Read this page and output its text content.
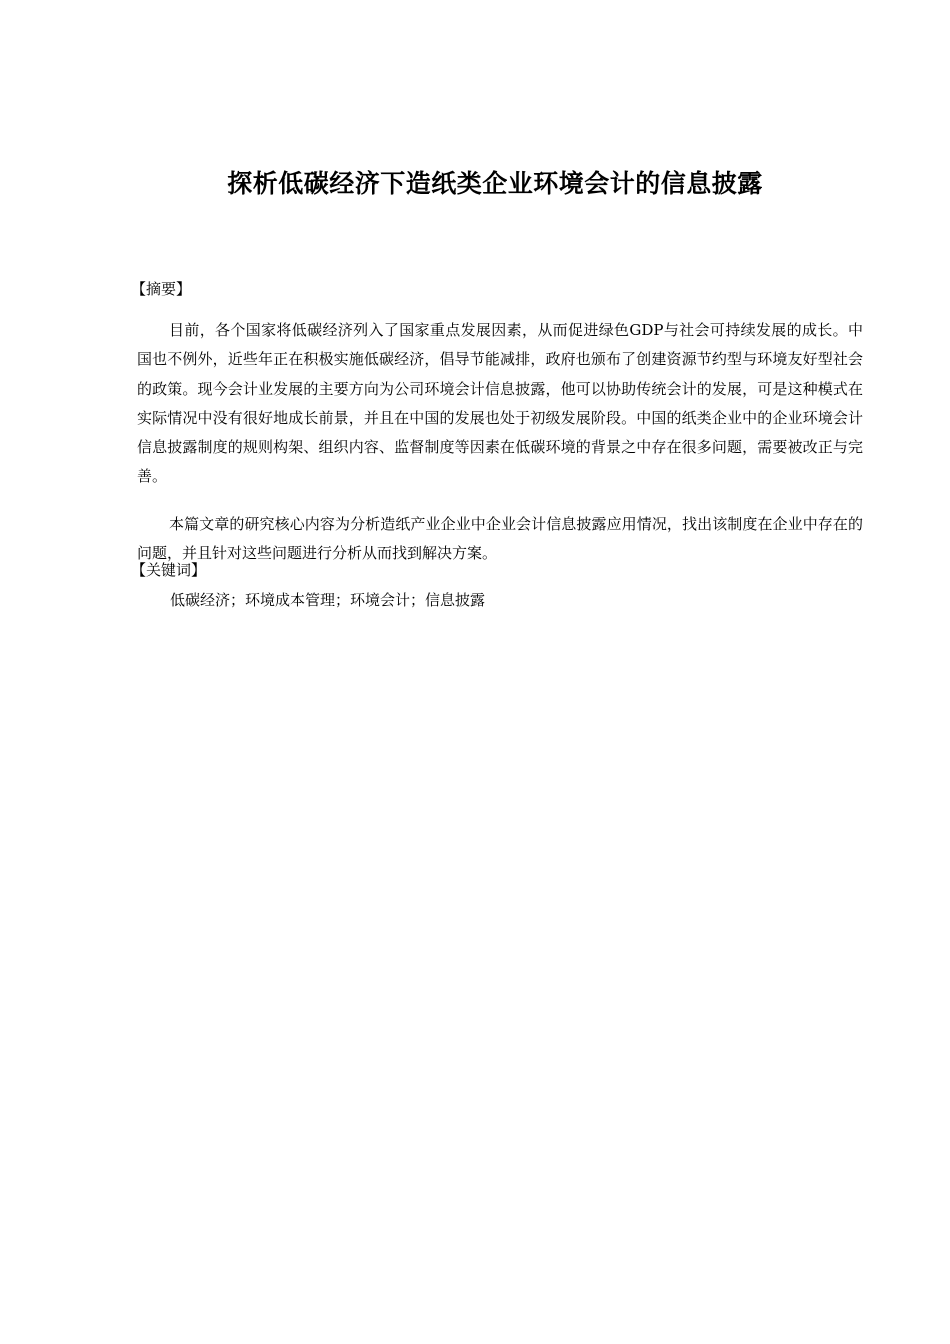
探析低碳经济下造纸类企业环境会计的信息披露
【摘要】

目前，各个国家将低碳经济列入了国家重点发展因素，从而促进绿色GDP与社会可持续发展的成长。中国也不例外，近些年正在积极实施低碳经济，倡导节能减排，政府也颁布了创建资源节约型与环境友好型社会的政策。现今会计业发展的主要方向为公司环境会计信息披露，他可以协助传统会计的发展，可是这种模式在实际情况中没有很好地成长前景，并且在中国的发展也处于初级发展阶段。中国的纸类企业中的企业环境会计信息披露制度的规则构架、组织内容、监督制度等因素在低碳环境的背景之中存在很多问题，需要被改正与完善。

本篇文章的研究核心内容为分析造纸产业企业中企业会计信息披露应用情况，找出该制度在企业中存在的问题，并且针对这些问题进行分析从而找到解决方案。

【关键词】
低碳经济；环境成本管理；环境会计；信息披露
